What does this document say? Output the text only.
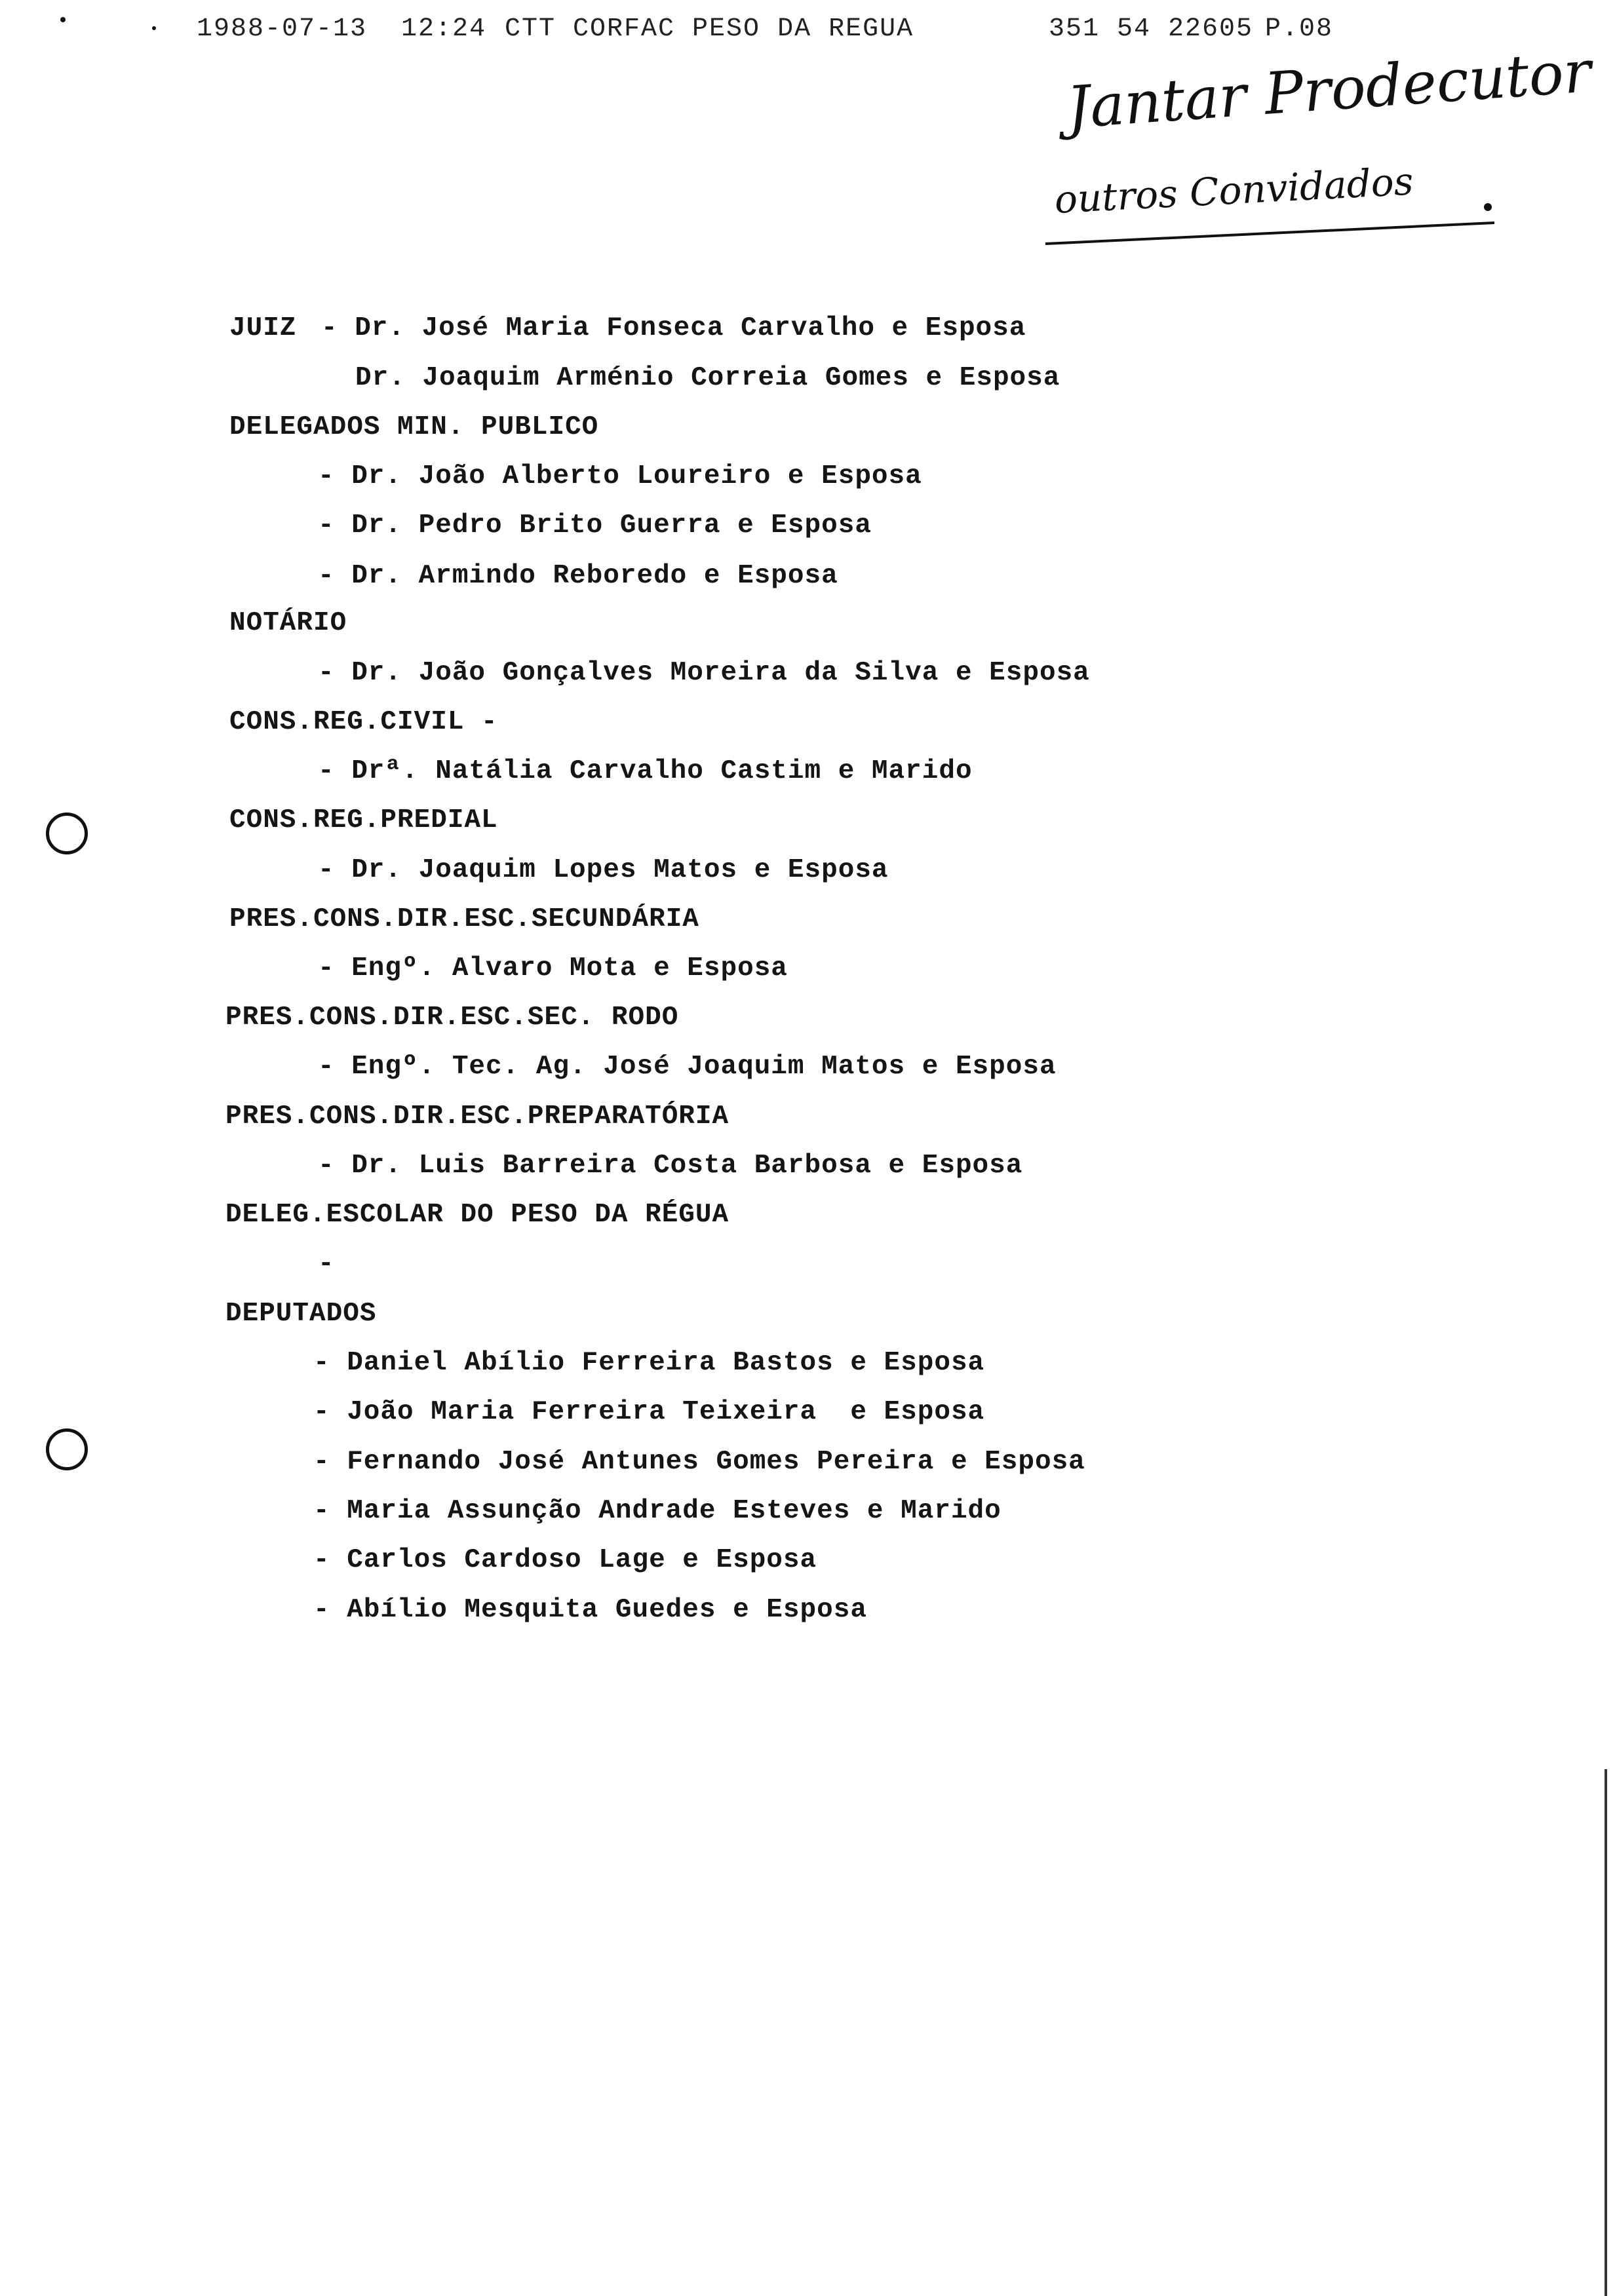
1988-07-13  12:24 CTT CORFAC PESO DA REGUA	351 54 22605 P.08
Jantar Prodecutor
outros Convidados
JUIZ - Dr. José Maria Fonseca Carvalho e Esposa
Dr. Joaquim Arménio Correia Gomes e Esposa
DELEGADOS MIN. PUBLICO
- Dr. João Alberto Loureiro e Esposa
- Dr. Pedro Brito Guerra e Esposa
- Dr. Armindo Reboredo e Esposa
NOTÁRIO
- Dr. João Gonçalves Moreira da Silva e Esposa
CONS.REG.CIVIL -
- Drª. Natália Carvalho Castim e Marido
CONS.REG.PREDIAL
- Dr. Joaquim Lopes Matos e Esposa
PRES.CONS.DIR.ESC.SECUNDÁRIA
- Engº. Alvaro Mota e Esposa
PRES.CONS.DIR.ESC.SEC. RODO
- Engº. Tec. Ag. José Joaquim Matos e Esposa
PRES.CONS.DIR.ESC.PREPARATÓRIA
- Dr. Luis Barreira Costa Barbosa e Esposa
DELEG.ESCOLAR DO PESO DA RÉGUA
-
DEPUTADOS
- Daniel Abílio Ferreira Bastos e Esposa
- João Maria Ferreira Teixeira  e Esposa
- Fernando José Antunes Gomes Pereira e Esposa
- Maria Assunção Andrade Esteves e Marido
- Carlos Cardoso Lage e Esposa
- Abílio Mesquita Guedes e Esposa
